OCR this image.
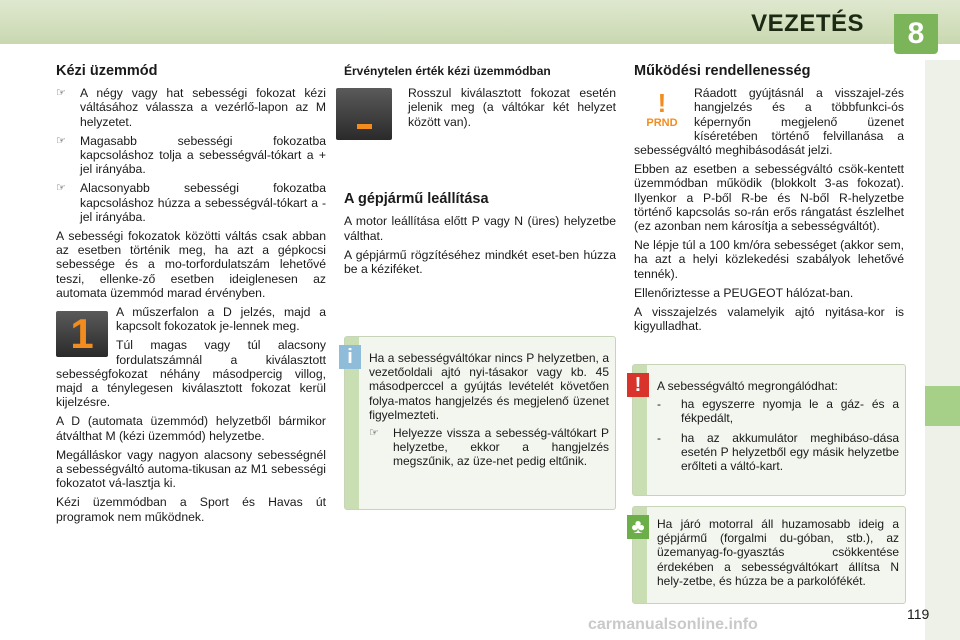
VEZETÉS	8
Kézi üzemmód
☞	A négy vagy hat sebességi fokozat kézi váltásához válassza a vezérlő-lapon az M helyzetet.
☞	Magasabb sebességi fokozatba kapcsoláshoz tolja a sebességvál-tókart a + jel irányába.
☞	Alacsonyabb sebességi fokozatba kapcsoláshoz húzza a sebességvál-tókart a - jel irányába.

A sebességi fokozatok közötti váltás csak abban az esetben történik meg, ha azt a gépkocsi sebessége és a mo-torfordulatszám lehetővé teszi, ellenke-ző esetben ideiglenesen az automata üzemmód marad érvényben.

1	A műszerfalon a D jelzés, majd a kapcsolt fokozatok je-lennek meg.

Túl magas vagy túl alacsony fordulatszámnál a kiválasztott sebességfokozat néhány másodpercig villog, majd a ténylegesen kiválasztott fokozat kerül kijelzésre.

A D (automata üzemmód) helyzetből bármikor átválthat M (kézi üzemmód) helyzetbe.

Megálláskor vagy nagyon alacsony sebességnél a sebességváltó automa-tikusan az M1 sebességi fokozatot vá-lasztja ki.

Kézi üzemmódban a Sport és Havas út programok nem működnek.

Érvénytelen érték kézi üzemmódban

Rosszul kiválasztott fokozat esetén jelenik meg (a váltókar két helyzet között van).

A gépjármű leállítása

A motor leállítása előtt P vagy N (üres) helyzetbe válthat.

A gépjármű rögzítéséhez mindkét eset-ben húzza be a kéziféket.

i	Ha a sebességváltókar nincs P helyzetben, a vezetőoldali ajtó nyi-tásakor vagy kb. 45 másodperccel a gyújtás levételét követően folya-matos hangjelzés és megjelenő üzenet figyelmezteti.

☞	Helyezze vissza a sebesség-váltókart P helyzetbe, ekkor a hangjelzés megszűnik, az üze-net pedig eltűnik.
Működési rendellenesség
!
PRND

Ráadott gyújtásnál a visszajel-zés hangjelzés és a többfunkci-ós képernyőn megjelenő üzenet kíséretében történő felvillanása a sebességváltó meghibásodását jelzi.

Ebben az esetben a sebességváltó csök-kentett üzemmódban működik (blokkolt 3-as fokozat). Ilyenkor a P-ből R-be és N-ből R-helyzetbe történő kapcsolás so-rán erős rángatást észlelhet (ez azonban nem károsítja a sebességváltót).

Ne lépje túl a 100 km/óra sebességet (akkor sem, ha azt a helyi közlekedési szabályok lehetővé tennék).

Ellenőriztesse a PEUGEOT hálózat-ban.

A visszajelzés valamelyik ajtó nyitása-kor is kigyulladhat.

!	A sebességváltó megrongálódhat:

-	ha egyszerre nyomja le a gáz- és a fékpedált,
-	ha az akkumulátor meghibáso-dása esetén P helyzetből egy másik helyzetbe erőlteti a váltó-kart.
♣	Ha járó motorral áll huzamosabb ideig a gépjármű (forgalmi du-góban, stb.), az üzemanyag-fo-gyasztás csökkentése érdekében a sebességváltókart állítsa N hely-zetbe, és húzza be a parkolófékét.

119
carmanualsonline.info
